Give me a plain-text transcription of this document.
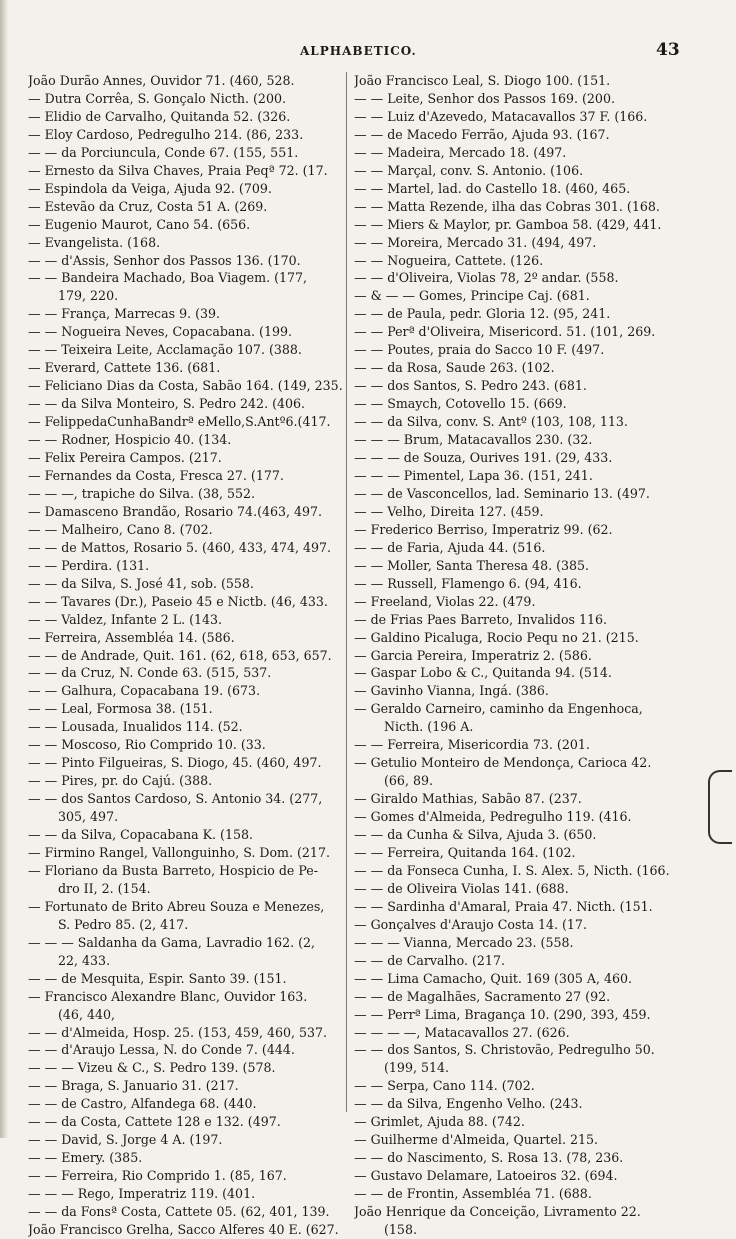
ALPHABETICO.	43
João Durão Annes, Ouvidor 71. (460, 528.
— Dutra Corrêa, S. Gonçalo Nicth. (200.
— Elidio de Carvalho, Quitanda 52. (326.
— Eloy Cardoso, Pedregulho 214. (86, 233.
— — da Porciuncula, Conde 67. (155, 551.
— Ernesto da Silva Chaves, Praia Peqª 72. (17.
— Espindola da Veiga, Ajuda 92. (709.
— Estevão da Cruz, Costa 51 A. (269.
— Eugenio Maurot, Cano 54. (656.
— Evangelista. (168.
— — d'Assis, Senhor dos Passos 136. (170.
— — Bandeira Machado, Boa Viagem. (177,
179, 220.
— — França, Marrecas 9. (39.
— — Nogueira Neves, Copacabana. (199.
— — Teixeira Leite, Acclamação 107. (388.
— Everard, Cattete 136. (681.
— Feliciano Dias da Costa, Sabão 164. (149, 235.
— — da Silva Monteiro, S. Pedro 242. (406.
— FelippedaCunhaBandrª eMello,S.Antº6.(417.
— — Rodner, Hospicio 40. (134.
— Felix Pereira Campos. (217.
— Fernandes da Costa, Fresca 27. (177.
— — —, trapiche do Silva. (38, 552.
— Damasceno Brandão, Rosario 74.(463, 497.
— — Malheiro, Cano 8. (702.
— — de Mattos, Rosario 5. (460, 433, 474, 497.
— — Perdira. (131.
— — da Silva, S. José 41, sob. (558.
— — Tavares (Dr.), Paseio 45 e Nictb. (46, 433.
— — Valdez, Infante 2 L. (143.
— Ferreira, Assembléa 14. (586.
— — de Andrade, Quit. 161. (62, 618, 653, 657.
— — da Cruz, N. Conde 63. (515, 537.
— — Galhura, Copacabana 19. (673.
— — Leal, Formosa 38. (151.
— — Lousada, Inualidos 114. (52.
— — Moscoso, Rio Comprido 10. (33.
— — Pinto Filgueiras, S. Diogo, 45. (460, 497.
— — Pires, pr. do Cajú. (388.
— — dos Santos Cardoso, S. Antonio 34. (277,
305, 497.
— — da Silva, Copacabana K. (158.
— Firmino Rangel, Vallonguinho, S. Dom. (217.
— Floriano da Busta Barreto, Hospicio de Pe-
dro II, 2. (154.
— Fortunato de Brito Abreu Souza e Menezes,
S. Pedro 85. (2, 417.
— — — Saldanha da Gama, Lavradio 162. (2,
22, 433.
— — de Mesquita, Espir. Santo 39. (151.
— Francisco Alexandre Blanc, Ouvidor 163.
(46, 440,
— — d'Almeida, Hosp. 25. (153, 459, 460, 537.
— — d'Araujo Lessa, N. do Conde 7. (444.
— — — Vizeu & C., S. Pedro 139. (578.
— — Braga, S. Januario 31. (217.
— — de Castro, Alfandega 68. (440.
— — da Costa, Cattete 128 e 132. (497.
— — David, S. Jorge 4 A. (197.
— — Emery. (385.
— — Ferreira, Rio Comprido 1. (85, 167.
— — — Rego, Imperatriz 119. (401.
— — da Fonsª Costa, Cattete 05. (62, 401, 139.
João Francisco Grelha, Sacco Alferes 40 E. (627.
João Francisco Leal, S. Diogo 100. (151.
— — Leite, Senhor dos Passos 169. (200.
— — Luiz d'Azevedo, Matacavallos 37 F. (166.
— — de Macedo Ferrão, Ajuda 93. (167.
— — Madeira, Mercado 18. (497.
— — Marçal, conv. S. Antonio. (106.
— — Martel, lad. do Castello 18. (460, 465.
— — Matta Rezende, ilha das Cobras 301. (168.
— — Miers & Maylor, pr. Gamboa 58. (429, 441.
— — Moreira, Mercado 31. (494, 497.
— — Nogueira, Cattete. (126.
— — d'Oliveira, Violas 78, 2º andar. (558.
— & — — Gomes, Principe Caj. (681.
— — de Paula, pedr. Gloria 12. (95, 241.
— — Perª d'Oliveira, Misericord. 51. (101, 269.
— — Poutes, praia do Sacco 10 F. (497.
— — da Rosa, Saude 263. (102.
— — dos Santos, S. Pedro 243. (681.
— — Smaych, Cotovello 15. (669.
— — da Silva, conv. S. Antº (103, 108, 113.
— — — Brum, Matacavallos 230. (32.
— — — de Souza, Ourives 191. (29, 433.
— — — Pimentel, Lapa 36. (151, 241.
— — de Vasconcellos, lad. Seminario 13. (497.
— — Velho, Direita 127. (459.
— Frederico Berriso, Imperatriz 99. (62.
— — de Faria, Ajuda 44. (516.
— — Moller, Santa Theresa 48. (385.
— — Russell, Flamengo 6. (94, 416.
— Freeland, Violas 22. (479.
— de Frias Paes Barreto, Invalidos 116.
— Galdino Picaluga, Rocio Pequ no 21. (215.
— Garcia Pereira, Imperatriz 2. (586.
— Gaspar Lobo & C., Quitanda 94. (514.
— Gavinho Vianna, Ingá. (386.
— Geraldo Carneiro, caminho da Engenhoca,
Nicth. (196 A.
— — Ferreira, Misericordia 73. (201.
— Getulio Monteiro de Mendonça, Carioca 42.
(66, 89.
— Giraldo Mathias, Sabão 87. (237.
— Gomes d'Almeida, Pedregulho 119. (416.
— — da Cunha & Silva, Ajuda 3. (650.
— — Ferreira, Quitanda 164. (102.
— — da Fonseca Cunha, I. S. Alex. 5, Nicth. (166.
— — de Oliveira Violas 141. (688.
— — Sardinha d'Amaral, Praia 47. Nicth. (151.
— Gonçalves d'Araujo Costa 14. (17.
— — — Vianna, Mercado 23. (558.
— — de Carvalho. (217.
— — Lima Camacho, Quit. 169 (305 A, 460.
— — de Magalhães, Sacramento 27 (92.
— — Perrª Lima, Bragança 10. (290, 393, 459.
— — — —, Matacavallos 27. (626.
— — dos Santos, S. Christovão, Pedregulho 50.
(199, 514.
— — Serpa, Cano 114. (702.
— — da Silva, Engenho Velho. (243.
— Grimlet, Ajuda 88. (742.
— Guilherme d'Almeida, Quartel. 215.
— — do Nascimento, S. Rosa 13. (78, 236.
— Gustavo Delamare, Latoeiros 32. (694.
— — de Frontin, Assembléa 71. (688.
João Henrique da Conceição, Livramento 22.
(158.
